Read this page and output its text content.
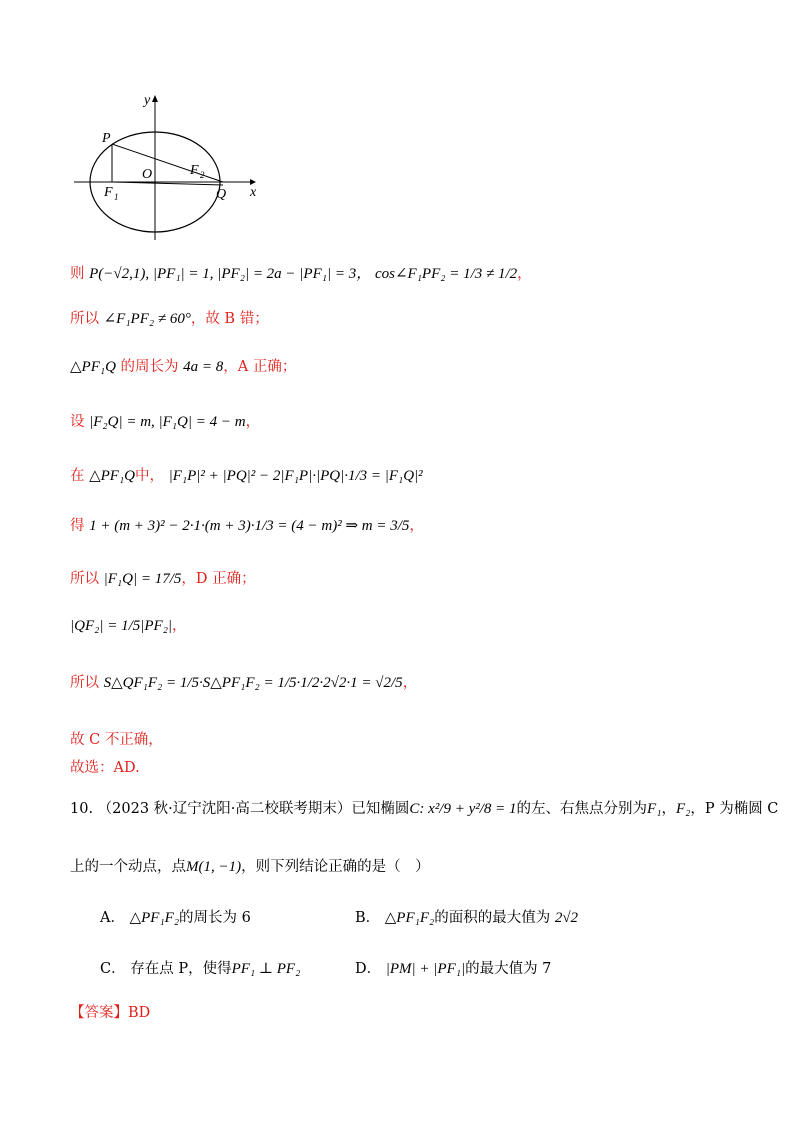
y
x
P
O	F 2
F 1	Q
则 P(−√2,1), |PF₁| = 1, |PF₂| = 2a − |PF₁| = 3， cos∠F₁PF₂ = 1/3 ≠ 1/2，
所以 ∠F₁PF₂ ≠ 60°，故 B 错；
△PF₁Q 的周长为 4a = 8，A 正确；
设 |F₂Q| = m, |F₁Q| = 4 − m，
在 △PF₁Q中， |F₁P|² + |PQ|² − 2|F₁P|·|PQ|·1/3 = |F₁Q|²
得 1 + (m + 3)² − 2·1·(m + 3)·1/3 = (4 − m)² ⇒ m = 3/5，
所以 |F₁Q| = 17/5，D 正确；
|QF₂| = 1/5|PF₂|，
所以 S△QF₁F₂ = 1/5·S△PF₁F₂ = 1/5·1/2·2√2·1 = √2/5，
故 C 不正确，
故选：AD.
10. （2023 秋·辽宁沈阳·高二校联考期末）已知椭圆C: x²/9 + y²/8 = 1的左、右焦点分别为F₁，F₂，P 为椭圆 C
上的一个动点，点M(1, −1)，则下列结论正确的是（　）
A． △PF₁F₂的周长为 6	B． △PF₁F₂的面积的最大值为 2√2
C． 存在点 P，使得PF₁ ⊥ PF₂	D． |PM| + |PF₁|的最大值为 7
【答案】BD
